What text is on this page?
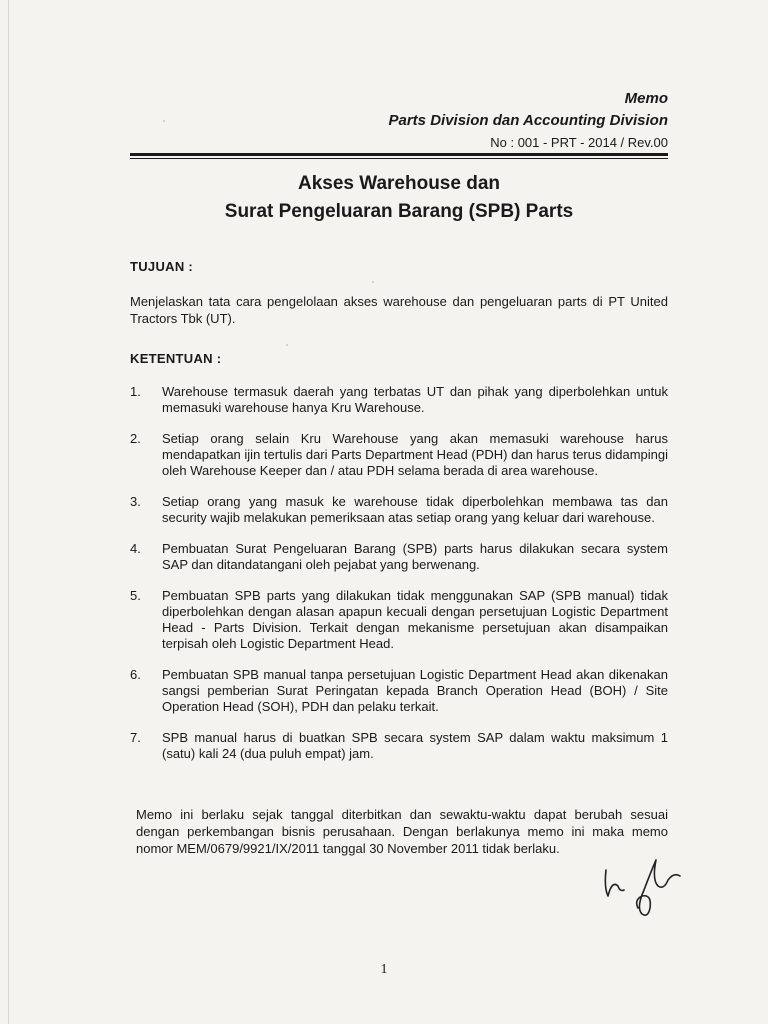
Memo
Parts Division dan Accounting Division
No : 001 - PRT - 2014 / Rev.00
Akses Warehouse dan
Surat Pengeluaran Barang (SPB) Parts
TUJUAN :
Menjelaskan tata cara pengelolaan akses warehouse dan pengeluaran parts di PT United Tractors Tbk (UT).
KETENTUAN :
1.	Warehouse termasuk daerah yang terbatas UT dan pihak yang diperbolehkan untuk memasuki warehouse hanya Kru Warehouse.
2.	Setiap orang selain Kru Warehouse yang akan memasuki warehouse harus mendapatkan ijin tertulis dari Parts Department Head (PDH) dan harus terus didampingi oleh Warehouse Keeper dan / atau PDH selama berada di area warehouse.
3.	Setiap orang yang masuk ke warehouse tidak diperbolehkan membawa tas dan security wajib melakukan pemeriksaan atas setiap orang yang keluar dari warehouse.
4.	Pembuatan Surat Pengeluaran Barang (SPB) parts harus dilakukan secara system SAP dan ditandatangani oleh pejabat yang berwenang.
5.	Pembuatan SPB parts yang dilakukan tidak menggunakan SAP (SPB manual) tidak diperbolehkan dengan alasan apapun kecuali dengan persetujuan Logistic Department Head - Parts Division. Terkait dengan mekanisme persetujuan akan disampaikan terpisah oleh Logistic Department Head.
6.	Pembuatan SPB manual tanpa persetujuan Logistic Department Head akan dikenakan sangsi pemberian Surat Peringatan kepada Branch Operation Head (BOH) / Site Operation Head (SOH), PDH dan pelaku terkait.
7.	SPB manual harus di buatkan SPB secara system SAP dalam waktu maksimum 1 (satu) kali 24 (dua puluh empat) jam.
Memo ini berlaku sejak tanggal diterbitkan dan sewaktu-waktu dapat berubah sesuai dengan perkembangan bisnis perusahaan. Dengan berlakunya memo ini maka memo nomor MEM/0679/9921/IX/2011 tanggal 30 November 2011 tidak berlaku.
1
